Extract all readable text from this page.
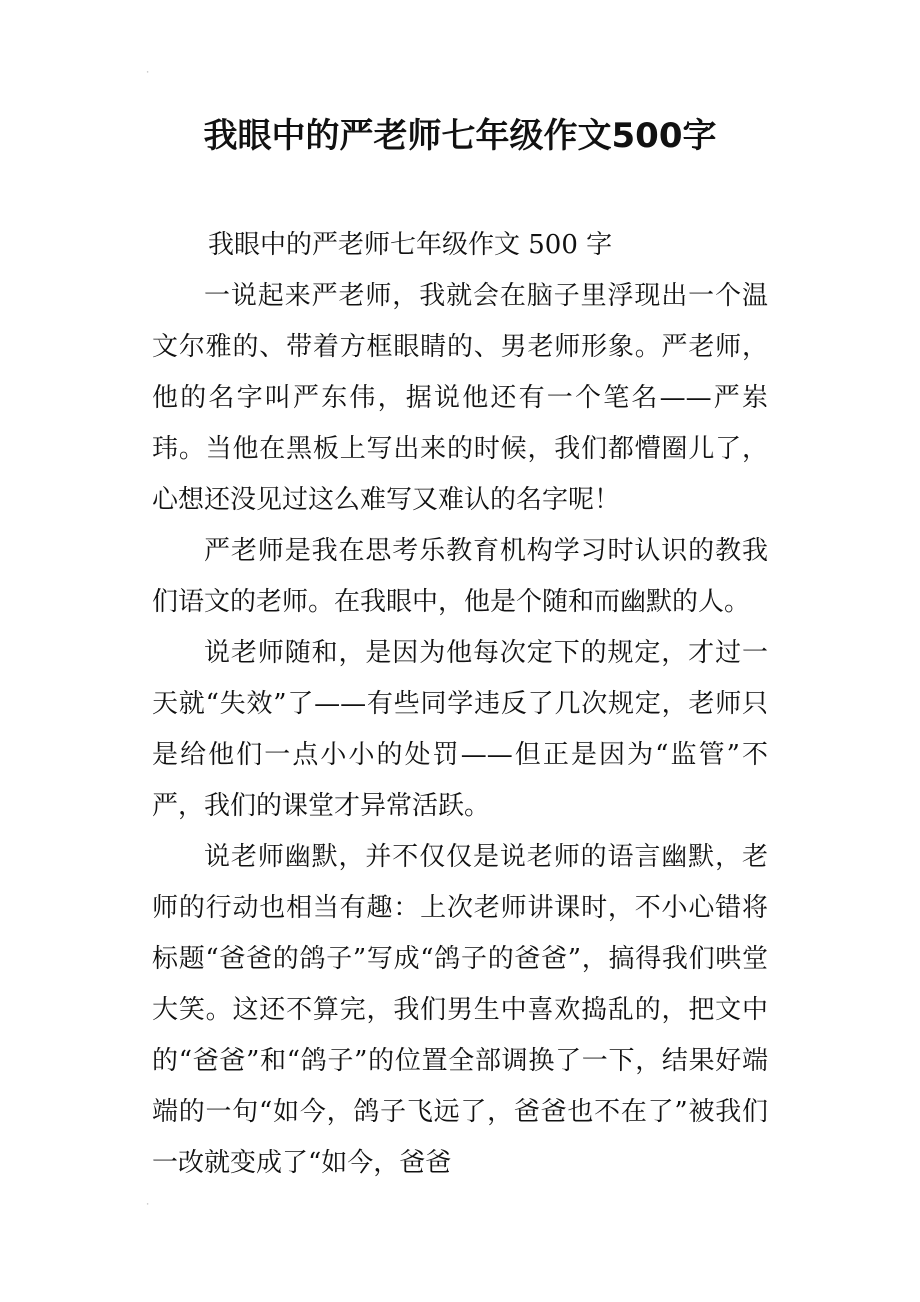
⸱
⸱
我眼中的严老师七年级作文500字

我眼中的严老师七年级作文 500 字

一说起来严老师，我就会在脑子里浮现出一个温文尔雅的、带着方框眼睛的、男老师形象。严老师，他的名字叫严东伟，据说他还有一个笔名——严岽玮。当他在黑板上写出来的时候，我们都懵圈儿了，心想还没见过这么难写又难认的名字呢！

严老师是我在思考乐教育机构学习时认识的教我们语文的老师。在我眼中，他是个随和而幽默的人。

说老师随和，是因为他每次定下的规定，才过一天就“失效”了——有些同学违反了几次规定，老师只是给他们一点小小的处罚——但正是因为“监管”不严，我们的课堂才异常活跃。

说老师幽默，并不仅仅是说老师的语言幽默，老师的行动也相当有趣：上次老师讲课时，不小心错将标题“爸爸的鸽子”写成“鸽子的爸爸”，搞得我们哄堂大笑。这还不算完，我们男生中喜欢捣乱的，把文中的“爸爸”和“鸽子”的位置全部调换了一下，结果好端端的一句“如今，鸽子飞远了，爸爸也不在了”被我们一改就变成了“如今，爸爸
